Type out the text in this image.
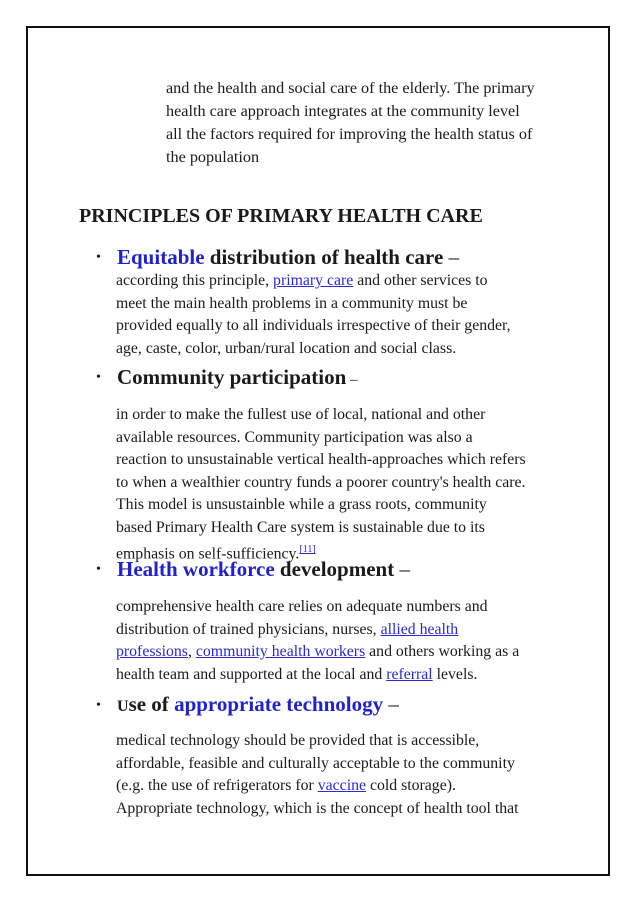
and the health and social care of the elderly. The primary
health care approach integrates at the community level
all the factors required for improving the health status of
the population
PRINCIPLES OF PRIMARY HEALTH CARE
• Equitable distribution of health care –
according this principle, primary care and other services to
meet the main health problems in a community must be
provided equally to all individuals irrespective of their gender,
age, caste, color, urban/rural location and social class.
• Community participation –
in order to make the fullest use of local, national and other
available resources. Community participation was also a
reaction to unsustainable vertical health-approaches which refers
to when a wealthier country funds a poorer country's health care.
This model is unsustainble while a grass roots, community
based Primary Health Care system is sustainable due to its
emphasis on self-sufficiency.[11]
• Health workforce development –
comprehensive health care relies on adequate numbers and
distribution of trained physicians, nurses, allied health
professions, community health workers and others working as a
health team and supported at the local and referral levels.
• Use of appropriate technology –
medical technology should be provided that is accessible,
affordable, feasible and culturally acceptable to the community
(e.g. the use of refrigerators for vaccine cold storage).
Appropriate technology, which is the concept of health tool that
